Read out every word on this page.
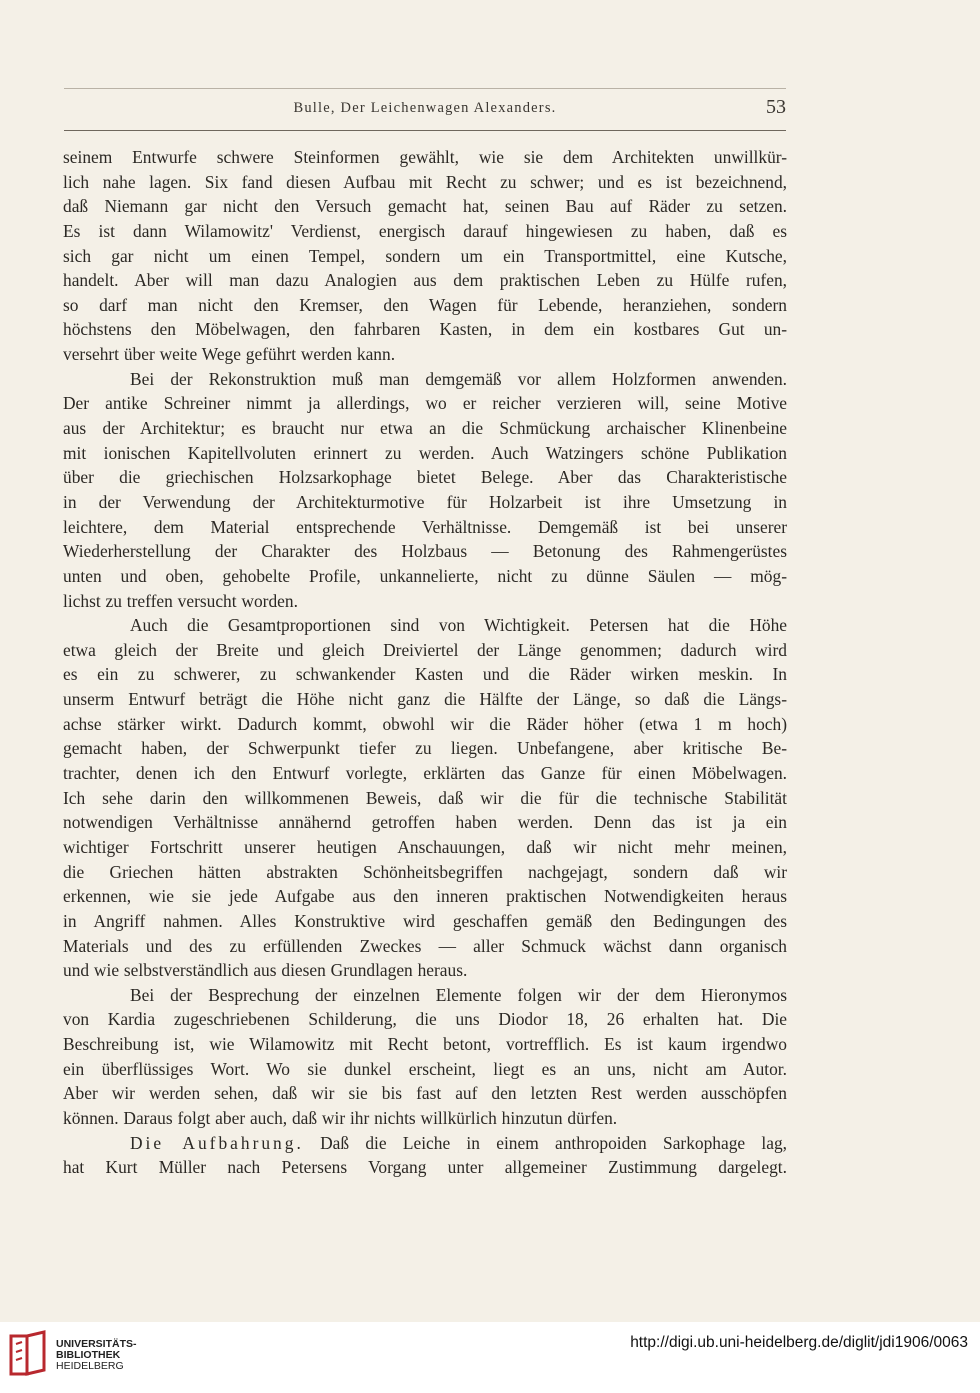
Bulle, Der Leichenwagen Alexanders.	53
seinem Entwurfe schwere Steinformen gewählt, wie sie dem Architekten unwillkür-
lich nahe lagen. Six fand diesen Aufbau mit Recht zu schwer; und es ist bezeichnend,
daß Niemann gar nicht den Versuch gemacht hat, seinen Bau auf Räder zu setzen.
Es ist dann Wilamowitz' Verdienst, energisch darauf hingewiesen zu haben, daß es
sich gar nicht um einen Tempel, sondern um ein Transportmittel, eine Kutsche,
handelt. Aber will man dazu Analogien aus dem praktischen Leben zu Hülfe rufen,
so darf man nicht den Kremser, den Wagen für Lebende, heranziehen, sondern
höchstens den Möbelwagen, den fahrbaren Kasten, in dem ein kostbares Gut un-
versehrt über weite Wege geführt werden kann.
Bei der Rekonstruktion muß man demgemäß vor allem Holzformen anwenden.
Der antike Schreiner nimmt ja allerdings, wo er reicher verzieren will, seine Motive
aus der Architektur; es braucht nur etwa an die Schmückung archaischer Klinenbeine
mit ionischen Kapitellvoluten erinnert zu werden. Auch Watzingers schöne Publikation
über die griechischen Holzsarkophage bietet Belege. Aber das Charakteristische
in der Verwendung der Architekturmotive für Holzarbeit ist ihre Umsetzung in
leichtere, dem Material entsprechende Verhältnisse. Demgemäß ist bei unserer
Wiederherstellung der Charakter des Holzbaus — Betonung des Rahmengerüstes
unten und oben, gehobelte Profile, unkannelierte, nicht zu dünne Säulen — mög-
lichst zu treffen versucht worden.
Auch die Gesamtproportionen sind von Wichtigkeit. Petersen hat die Höhe
etwa gleich der Breite und gleich Dreiviertel der Länge genommen; dadurch wird
es ein zu schwerer, zu schwankender Kasten und die Räder wirken meskin. In
unserm Entwurf beträgt die Höhe nicht ganz die Hälfte der Länge, so daß die Längs-
achse stärker wirkt. Dadurch kommt, obwohl wir die Räder höher (etwa 1 m hoch)
gemacht haben, der Schwerpunkt tiefer zu liegen. Unbefangene, aber kritische Be-
trachter, denen ich den Entwurf vorlegte, erklärten das Ganze für einen Möbelwagen.
Ich sehe darin den willkommenen Beweis, daß wir die für die technische Stabilität
notwendigen Verhältnisse annähernd getroffen haben werden. Denn das ist ja ein
wichtiger Fortschritt unserer heutigen Anschauungen, daß wir nicht mehr meinen,
die Griechen hätten abstrakten Schönheitsbegriffen nachgejagt, sondern daß wir
erkennen, wie sie jede Aufgabe aus den inneren praktischen Notwendigkeiten heraus
in Angriff nahmen. Alles Konstruktive wird geschaffen gemäß den Bedingungen des
Materials und des zu erfüllenden Zweckes — aller Schmuck wächst dann organisch
und wie selbstverständlich aus diesen Grundlagen heraus.
Bei der Besprechung der einzelnen Elemente folgen wir der dem Hieronymos
von Kardia zugeschriebenen Schilderung, die uns Diodor 18, 26 erhalten hat. Die
Beschreibung ist, wie Wilamowitz mit Recht betont, vortrefflich. Es ist kaum irgendwo
ein überflüssiges Wort. Wo sie dunkel erscheint, liegt es an uns, nicht am Autor.
Aber wir werden sehen, daß wir sie bis fast auf den letzten Rest werden ausschöpfen
können. Daraus folgt aber auch, daß wir ihr nichts willkürlich hinzutun dürfen.
Die Aufbahrung. Daß die Leiche in einem anthropoiden Sarkophage lag,
hat Kurt Müller nach Petersens Vorgang unter allgemeiner Zustimmung dargelegt.
UNIVERSITÄTS-
BIBLIOTHEK
HEIDELBERG
http://digi.ub.uni-heidelberg.de/diglit/jdi1906/0063
